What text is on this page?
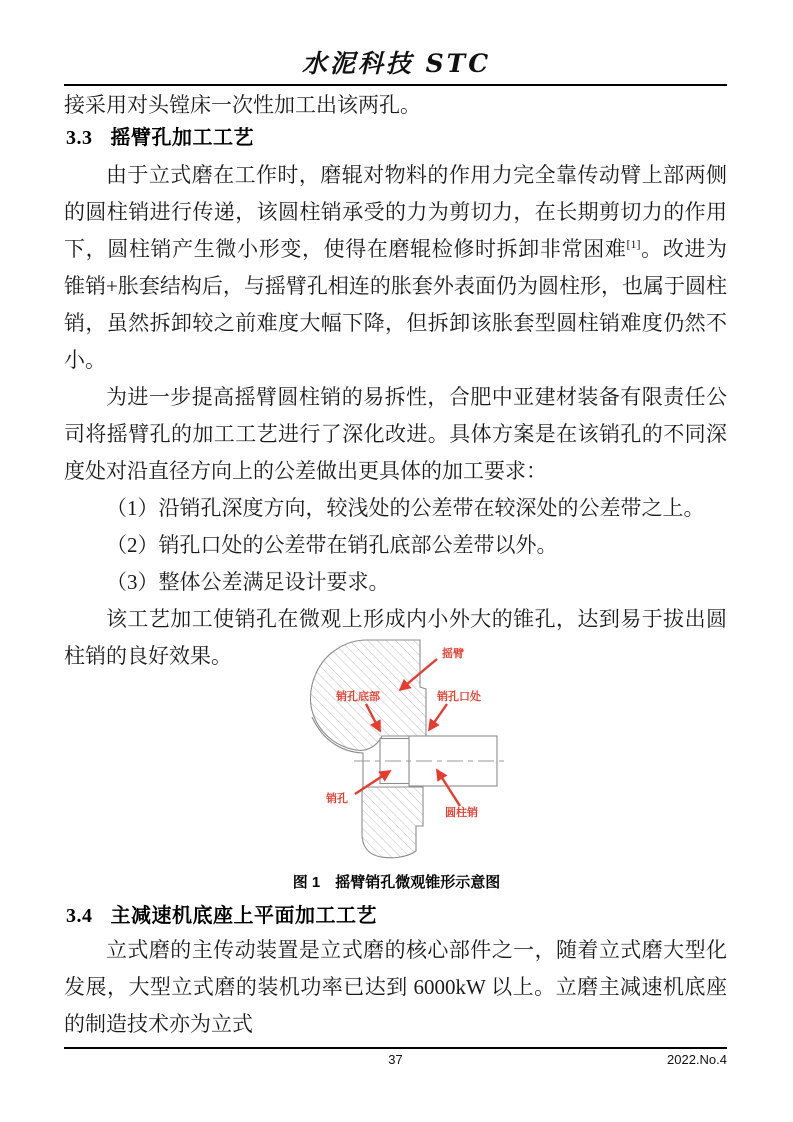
水泥科技 STC
接采用对头镗床一次性加工出该两孔。
3.3 摇臂孔加工工艺

由于立式磨在工作时，磨辊对物料的作用力完全靠传动臂上部两侧的圆柱销进行传递，该圆柱销承受的力为剪切力，在长期剪切力的作用下，圆柱销产生微小形变，使得在磨辊检修时拆卸非常困难[1]。改进为锥销+胀套结构后，与摇臂孔相连的胀套外表面仍为圆柱形，也属于圆柱销，虽然拆卸较之前难度大幅下降，但拆卸该胀套型圆柱销难度仍然不小。

为进一步提高摇臂圆柱销的易拆性，合肥中亚建材装备有限责任公司将摇臂孔的加工工艺进行了深化改进。具体方案是在该销孔的不同深度处对沿直径方向上的公差做出更具体的加工要求：

（1）沿销孔深度方向，较浅处的公差带在较深处的公差带之上。

（2）销孔口处的公差带在销孔底部公差带以外。

（3）整体公差满足设计要求。

该工艺加工使销孔在微观上形成内小外大的锥孔，达到易于拔出圆柱销的良好效果。	摇臂
销孔底部	销孔口处
销孔
圆柱销
图 1　摇臂销孔微观锥形示意图
3.4 主减速机底座上平面加工工艺

立式磨的主传动装置是立式磨的核心部件之一，随着立式磨大型化发展，大型立式磨的装机功率已达到 6000kW 以上。立磨主减速机底座的制造技术亦为立式

37	2022.No.4
